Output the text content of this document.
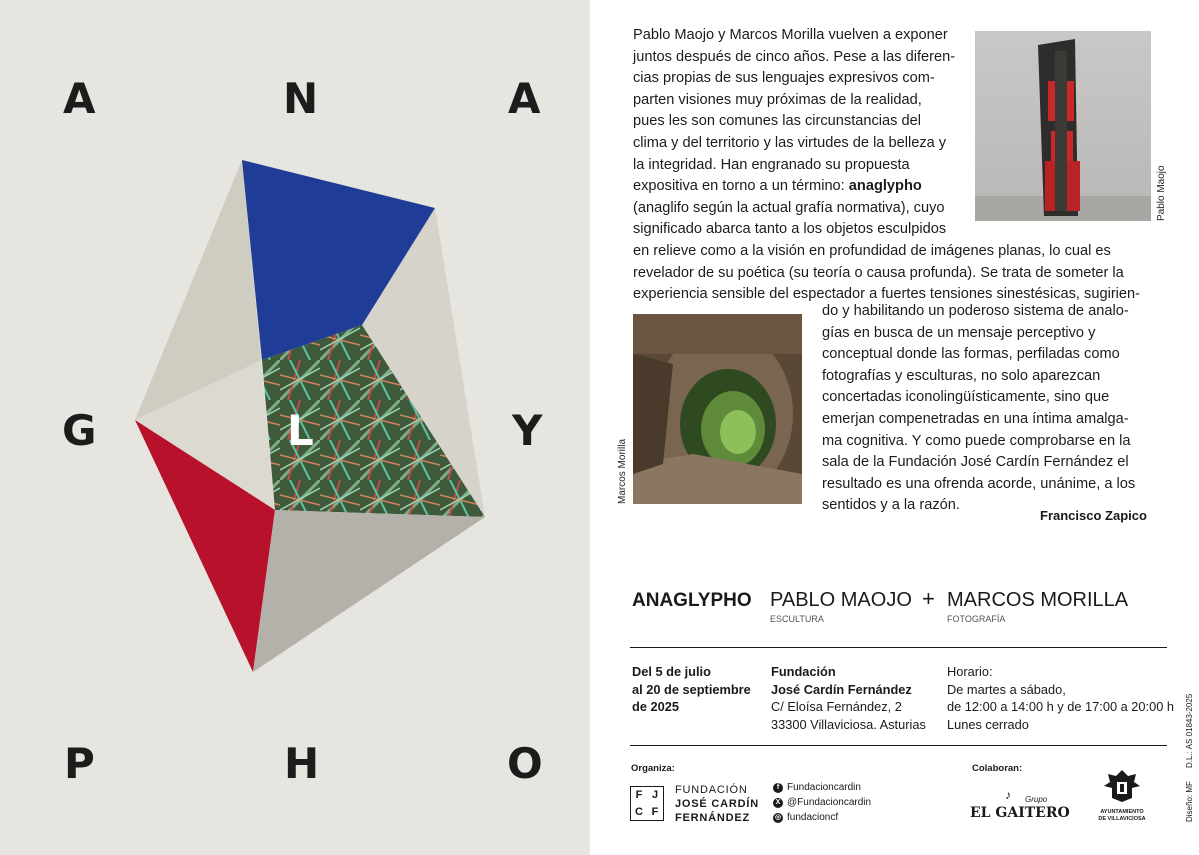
A	N	A
G	L	Y
P	H	O
Pablo Maojo
Marcos Morilla
Pablo Maojo y Marcos Morilla vuelven a exponer
juntos después de cinco años. Pese a las diferen-
cias propias de sus lenguajes expresivos com-
parten visiones muy próximas de la realidad,
pues les son comunes las circunstancias del
clima y del territorio y las virtudes de la belleza y
la integridad. Han engranado su propuesta
expositiva en torno a un término: anaglypho
(anaglifo según la actual grafía normativa), cuyo
significado abarca tanto a los objetos esculpidos
en relieve como a la visión en profundidad de imágenes planas, lo cual es
revelador de su poética (su teoría o causa profunda). Se trata de someter la
experiencia sensible del espectador a fuertes tensiones sinestésicas, sugirien-
do y habilitando un poderoso sistema de analo-
gías en busca de un mensaje perceptivo y
conceptual donde las formas, perfiladas como
fotografías y esculturas, no solo aparezcan
concertadas iconolingüísticamente, sino que
emerjan compenetradas en una íntima amalga-
ma cognitiva. Y como puede comprobarse en la
sala de la Fundación José Cardín Fernández el
resultado es una ofrenda acorde, unánime, a los
sentidos y a la razón.
Francisco Zapico
ANAGLYPHO PABLO MAOJO + MARCOS MORILLA
ESCULTURA	FOTOGRAFÍA
Del 5 de julio
al 20 de septiembre
de 2025
Fundación
José Cardín Fernández
C/ Eloísa Fernández, 2
33300 Villaviciosa. Asturias
Horario:
De martes a sábado,
de 12:00 a 14:00 h y de 17:00 a 20:00 h
Lunes cerrado
Organiza:
F J
C F
FUNDACIÓN
JOSÉ CARDÍN
FERNÁNDEZ
f Fundacioncardin
X @Fundacioncardin
◎ fundacioncf
Colaboran:
Grupo
♪
EL GAITERO	AYUNTAMIENTO
DE VILLAVICIOSA
D.L.: AS 01843-2025
Diseño: MF
